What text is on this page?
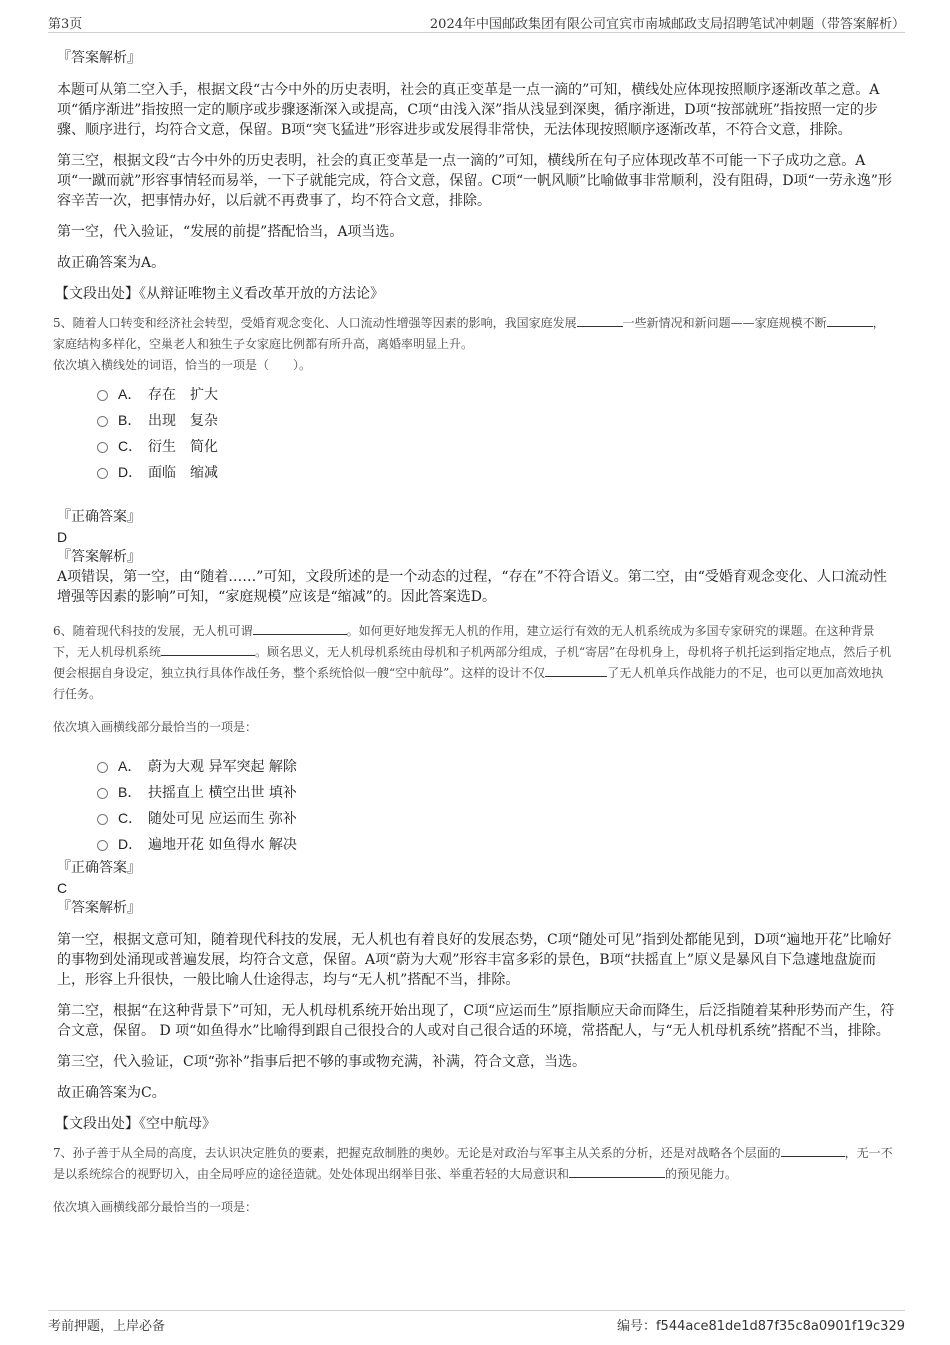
第3页	2024年中国邮政集团有限公司宜宾市南城邮政支局招聘笔试冲刺题（带答案解析）
『答案解析』

本题可从第二空入手，根据文段“古今中外的历史表明，社会的真正变革是一点一滴的”可知，横线处应体现按照顺序逐渐改革之意。A项“循序渐进”指按照一定的顺序或步骤逐渐深入或提高，C项“由浅入深”指从浅显到深奥，循序渐进，D项“按部就班”指按照一定的步骤、顺序进行，均符合文意，保留。B项“突飞猛进”形容进步或发展得非常快，无法体现按照顺序逐渐改革，不符合文意，排除。

第三空，根据文段“古今中外的历史表明，社会的真正变革是一点一滴的”可知，横线所在句子应体现改革不可能一下子成功之意。A项“一蹴而就”形容事情轻而易举，一下子就能完成，符合文意，保留。C项“一帆风顺”比喻做事非常顺利，没有阻碍，D项“一劳永逸”形容辛苦一次，把事情办好，以后就不再费事了，均不符合文意，排除。

第一空，代入验证，“发展的前提”搭配恰当，A项当选。

故正确答案为A。

【文段出处】《从辩证唯物主义看改革开放的方法论》

5、随着人口转变和经济社会转型，受婚育观念变化、人口流动性增强等因素的影响，我国家庭发展	一些新情况和新问题——家庭规模不断	，家庭结构多样化，空巢老人和独生子女家庭比例都有所升高，离婚率明显上升。

依次填入横线处的词语，恰当的一项是（　　）。

A． 存在　扩大
B． 出现　复杂
C． 衍生　简化
D． 面临　缩减
『正确答案』
D
『答案解析』

A项错误，第一空，由“随着……”可知，文段所述的是一个动态的过程，“存在”不符合语义。第二空，由“受婚育观念变化、人口流动性增强等因素的影响”可知，“家庭规模”应该是“缩减”的。因此答案选D。

6、随着现代科技的发展，无人机可谓	。如何更好地发挥无人机的作用，建立运行有效的无人机系统成为多国专家研究的课题。在这种背景下，无人机母机系统	。顾名思义，无人机母机系统由母机和子机两部分组成，子机“寄居”在母机身上，母机将子机托运到指定地点，然后子机便会根据自身设定，独立执行具体作战任务，整个系统恰似一艘“空中航母”。这样的设计不仅	了无人机单兵作战能力的不足，也可以更加高效地执行任务。

依次填入画横线部分最恰当的一项是：

A． 蔚为大观 异军突起 解除
B． 扶摇直上 横空出世 填补
C． 随处可见 应运而生 弥补
D． 遍地开花 如鱼得水 解决
『正确答案』
C
『答案解析』

第一空，根据文意可知，随着现代科技的发展，无人机也有着良好的发展态势，C项“随处可见”指到处都能见到，D项“遍地开花”比喻好的事物到处涌现或普遍发展，均符合文意，保留。A项“蔚为大观”形容丰富多彩的景色，B项“扶摇直上”原义是暴风自下急遽地盘旋而上，形容上升很快，一般比喻人仕途得志，均与“无人机”搭配不当，排除。

第二空，根据“在这种背景下”可知，无人机母机系统开始出现了，C项“应运而生”原指顺应天命而降生，后泛指随着某种形势而产生，符合文意，保留。 D 项“如鱼得水”比喻得到跟自己很投合的人或对自己很合适的环境，常搭配人，与“无人机母机系统”搭配不当，排除。

第三空，代入验证，C项“弥补”指事后把不够的事或物充满，补满，符合文意，当选。

故正确答案为C。

【文段出处】《空中航母》

7、孙子善于从全局的高度，去认识决定胜负的要素，把握克敌制胜的奥妙。无论是对政治与军事主从关系的分析，还是对战略各个层面的	，无一不是以系统综合的视野切入，由全局呼应的途径造就。处处体现出纲举目张、举重若轻的大局意识和	的预见能力。

依次填入画横线部分最恰当的一项是：

考前押题，上岸必备	编号：f544ace81de1d87f35c8a0901f19c329
